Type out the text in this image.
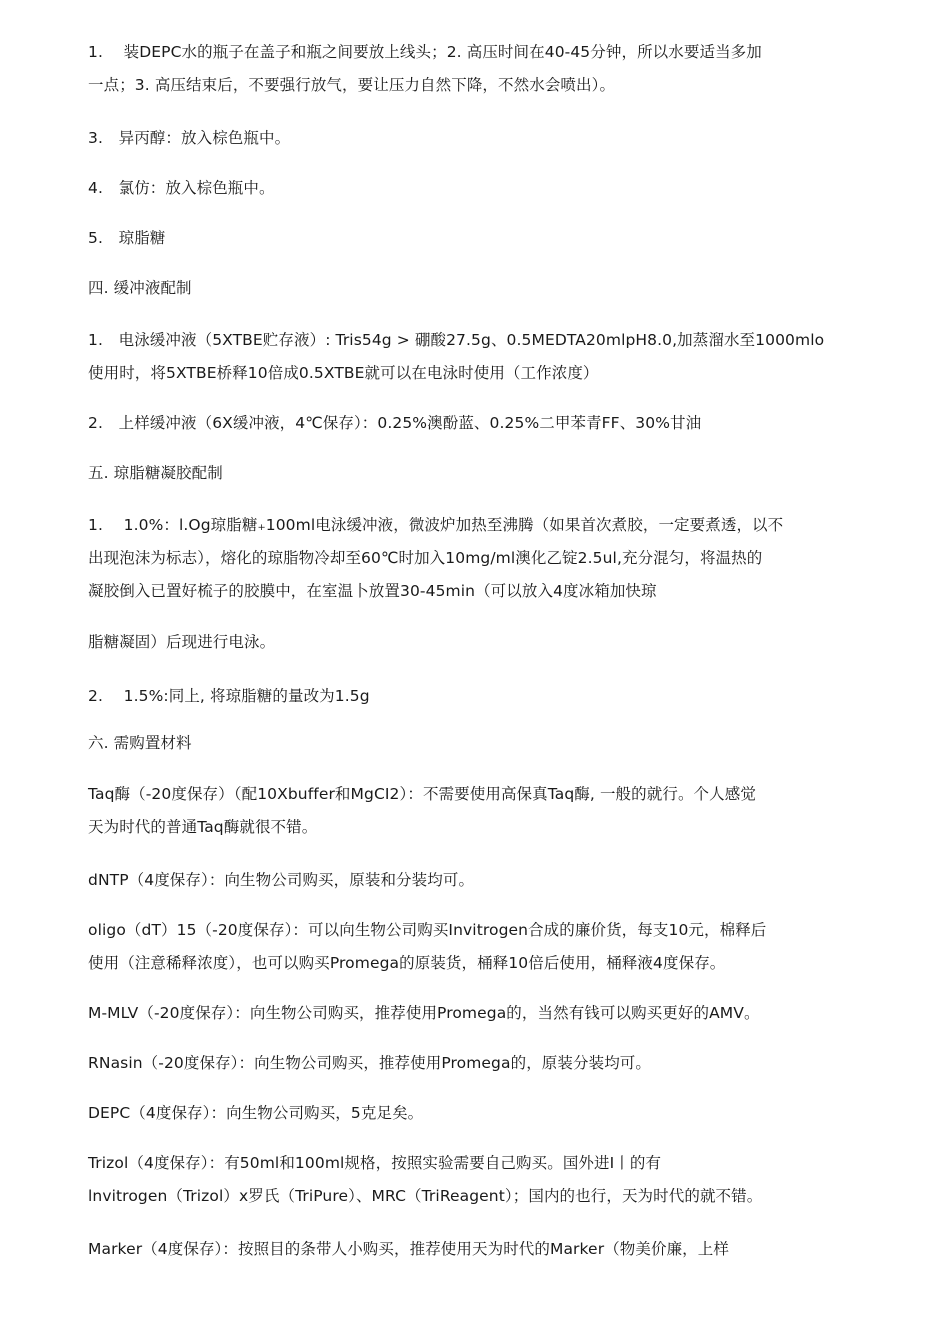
1.　 装DEPC水的瓶子在盖子和瓶之间要放上线头；2. 高压时间在40-45分钟，所以水要适当多加
一点；3. 高压结束后，不要强行放气，要让压力自然下降，不然水会喷出）。
3.　异丙醇：放入棕色瓶中。
4.　氯仿：放入棕色瓶中。
5.　琼脂糖
四. 缓冲液配制
1.　电泳缓冲液（5XTBE贮存液）: Tris54g > 硼酸27.5g、0.5MEDTA20mlpH8.0,加蒸溜水至1000mlo
使用时，将5XTBE桥释10倍成0.5XTBE就可以在电泳时使用（工作浓度）
2.　上样缓冲液（6X缓冲液，4℃保存）：0.25%澳酚蓝、0.25%二甲苯青FF、30%甘油
五. 琼脂糖凝胶配制
1.　 1.0%：l.Og琼脂糖₊100ml电泳缓冲液，微波炉加热至沸腾（如果首次煮胶，一定要煮透，以不
出现泡沫为标志），熔化的琼脂物冷却至60℃时加入10mg/ml澳化乙锭2.5ul,充分混匀，将温热的
凝胶倒入已置好梳子的胶膜中，在室温卜放置30-45min（可以放入4度冰箱加快琼
脂糖凝固）后现进行电泳。
2.　 1.5%:同上, 将琼脂糖的量改为1.5g
六. 需购置材料
Taq酶（-20度保存）（配10Xbuffer和MgCI2）：不需要使用高保真Taq酶, 一般的就行。个人感觉
天为时代的普通Taq酶就很不错。
dNTP（4度保存）：向生物公司购买，原装和分装均可。
oligo（dT）15（-20度保存）：可以向生物公司购买Invitrogen合成的廉价货，每支10元，棉释后
使用（注意稀释浓度），也可以购买Promega的原装货，桶释10倍后使用，桶释液4度保存。
M-MLV（-20度保存）：向生物公司购买，推荐使用Promega的，当然有钱可以购买更好的AMV。
RNasin（-20度保存）：向生物公司购买，推荐使用Promega的，原装分装均可。
DEPC（4度保存）：向生物公司购买，5克足矣。
Trizol（4度保存）：有50ml和100ml规格，按照实验需要自己购买。国外进I丨的有
lnvitrogen（Trizol）x罗氏（TriPure）、MRC（TriReagent）；国内的也行，天为时代的就不错。
Marker（4度保存）：按照目的条带人小购买，推荐使用天为时代的Marker（物美价廉，上样
